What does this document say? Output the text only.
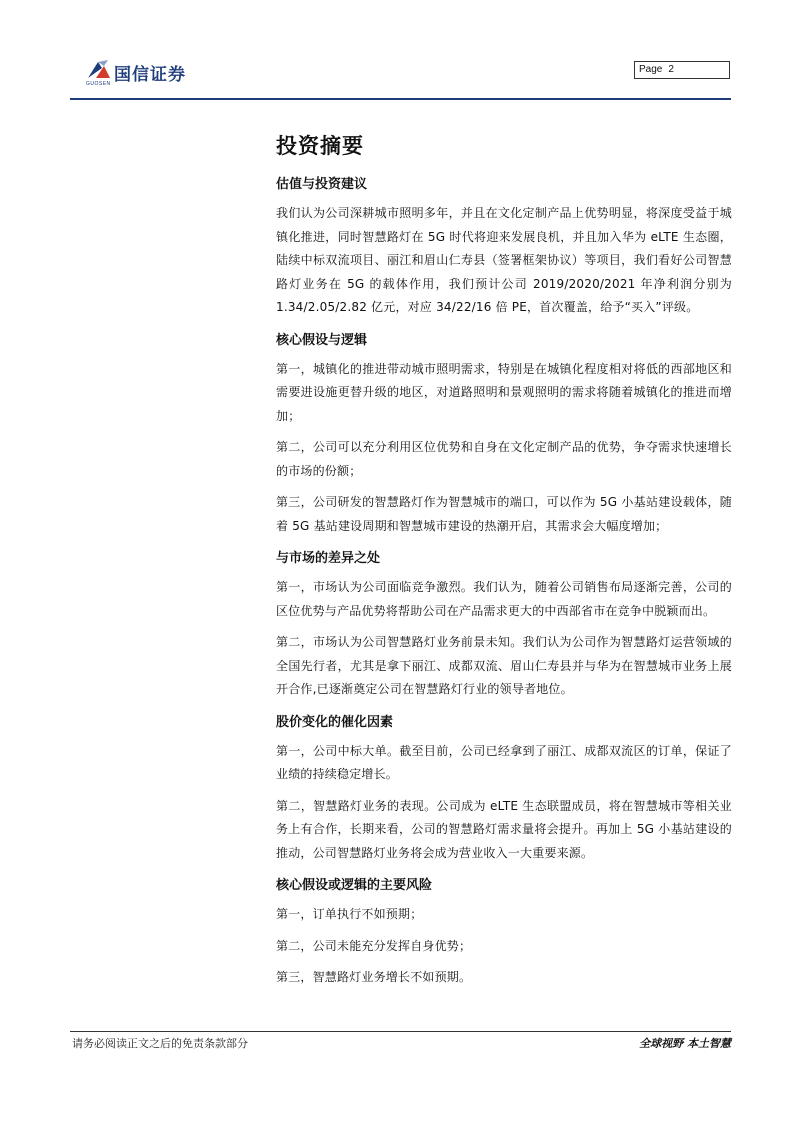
国信证券
GUOSEN
Page 2
投资摘要
估值与投资建议

我们认为公司深耕城市照明多年，并且在文化定制产品上优势明显，将深度受益于城镇化推进，同时智慧路灯在 5G 时代将迎来发展良机，并且加入华为 eLTE 生态圈，陆续中标双流项目、丽江和眉山仁寿县（签署框架协议）等项目，我们看好公司智慧路灯业务在 5G 的载体作用，我们预计公司 2019/2020/2021 年净利润分别为 1.34/2.05/2.82 亿元，对应 34/22/16 倍 PE，首次覆盖，给予“买入”评级。

核心假设与逻辑

第一，城镇化的推进带动城市照明需求，特别是在城镇化程度相对将低的西部地区和需要进设施更替升级的地区，对道路照明和景观照明的需求将随着城镇化的推进而增加；

第二，公司可以充分利用区位优势和自身在文化定制产品的优势，争夺需求快速增长的市场的份额；

第三，公司研发的智慧路灯作为智慧城市的端口，可以作为 5G 小基站建设载体，随着 5G 基站建设周期和智慧城市建设的热潮开启，其需求会大幅度增加；

与市场的差异之处

第一，市场认为公司面临竞争激烈。我们认为，随着公司销售布局逐渐完善，公司的区位优势与产品优势将帮助公司在产品需求更大的中西部省市在竞争中脱颖而出。

第二，市场认为公司智慧路灯业务前景未知。我们认为公司作为智慧路灯运营领域的全国先行者，尤其是拿下丽江、成都双流、眉山仁寿县并与华为在智慧城市业务上展开合作,已逐渐奠定公司在智慧路灯行业的领导者地位。

股价变化的催化因素

第一，公司中标大单。截至目前，公司已经拿到了丽江、成都双流区的订单，保证了业绩的持续稳定增长。

第二，智慧路灯业务的表现。公司成为 eLTE 生态联盟成员，将在智慧城市等相关业务上有合作，长期来看，公司的智慧路灯需求量将会提升。再加上 5G 小基站建设的推动，公司智慧路灯业务将会成为营业收入一大重要来源。

核心假设或逻辑的主要风险

第一，订单执行不如预期；

第二，公司未能充分发挥自身优势；

第三，智慧路灯业务增长不如预期。

请务必阅读正文之后的免责条款部分	全球视野 本土智慧
